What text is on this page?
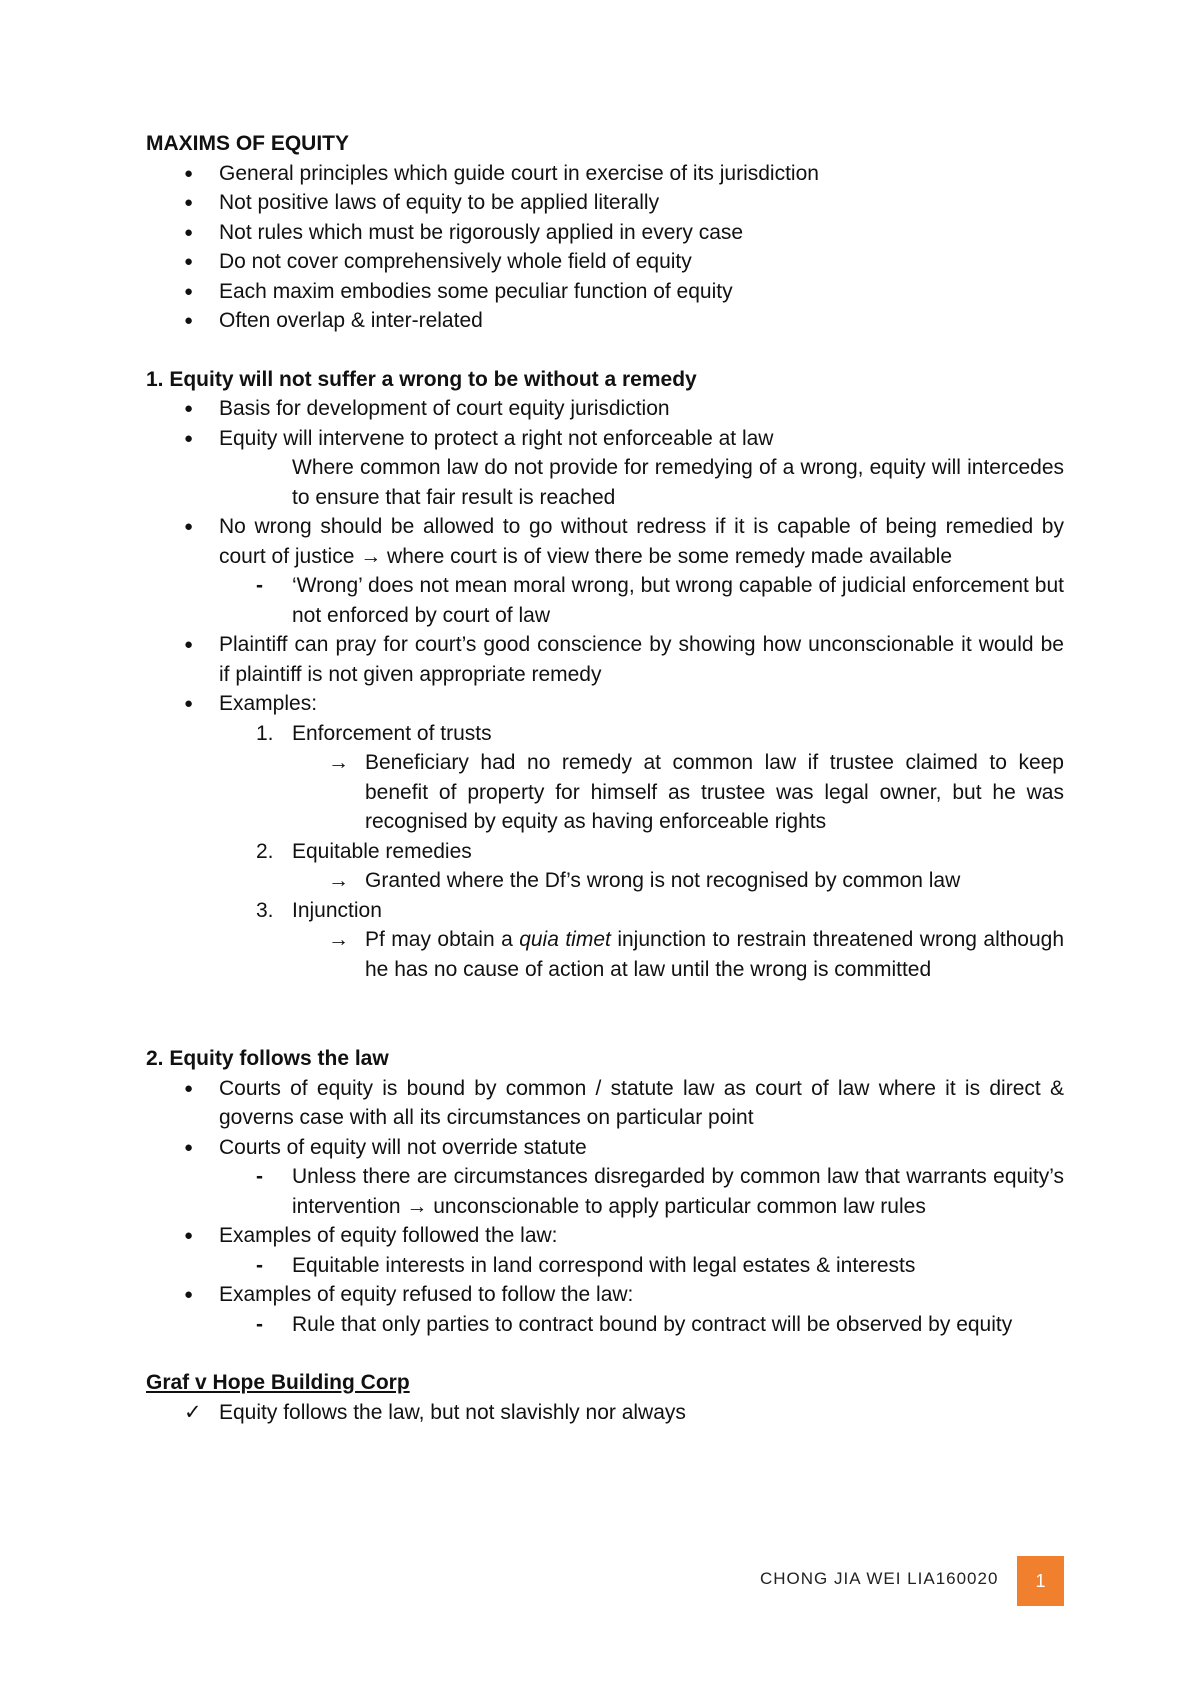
MAXIMS OF EQUITY
● General principles which guide court in exercise of its jurisdiction
● Not positive laws of equity to be applied literally
● Not rules which must be rigorously applied in every case
● Do not cover comprehensively whole field of equity
● Each maxim embodies some peculiar function of equity
● Often overlap & inter-related
1. Equity will not suffer a wrong to be without a remedy
● Basis for development of court equity jurisdiction
● Equity will intervene to protect a right not enforceable at law
Where common law do not provide for remedying of a wrong, equity will intercedes to ensure that fair result is reached
● No wrong should be allowed to go without redress if it is capable of being remedied by court of justice → where court is of view there be some remedy made available
- ‘Wrong’ does not mean moral wrong, but wrong capable of judicial enforcement but not enforced by court of law
● Plaintiff can pray for court’s good conscience by showing how unconscionable it would be if plaintiff is not given appropriate remedy
● Examples:
1. Enforcement of trusts
→ Beneficiary had no remedy at common law if trustee claimed to keep benefit of property for himself as trustee was legal owner, but he was recognised by equity as having enforceable rights
2. Equitable remedies
→ Granted where the Df’s wrong is not recognised by common law
3. Injunction
→ Pf may obtain a quia timet injunction to restrain threatened wrong although he has no cause of action at law until the wrong is committed
2. Equity follows the law
● Courts of equity is bound by common / statute law as court of law where it is direct & governs case with all its circumstances on particular point
● Courts of equity will not override statute
- Unless there are circumstances disregarded by common law that warrants equity’s intervention → unconscionable to apply particular common law rules
● Examples of equity followed the law:
- Equitable interests in land correspond with legal estates & interests
● Examples of equity refused to follow the law:
- Rule that only parties to contract bound by contract will be observed by equity
Graf v Hope Building Corp
✓ Equity follows the law, but not slavishly nor always
CHONG JIA WEI LIA160020	1
